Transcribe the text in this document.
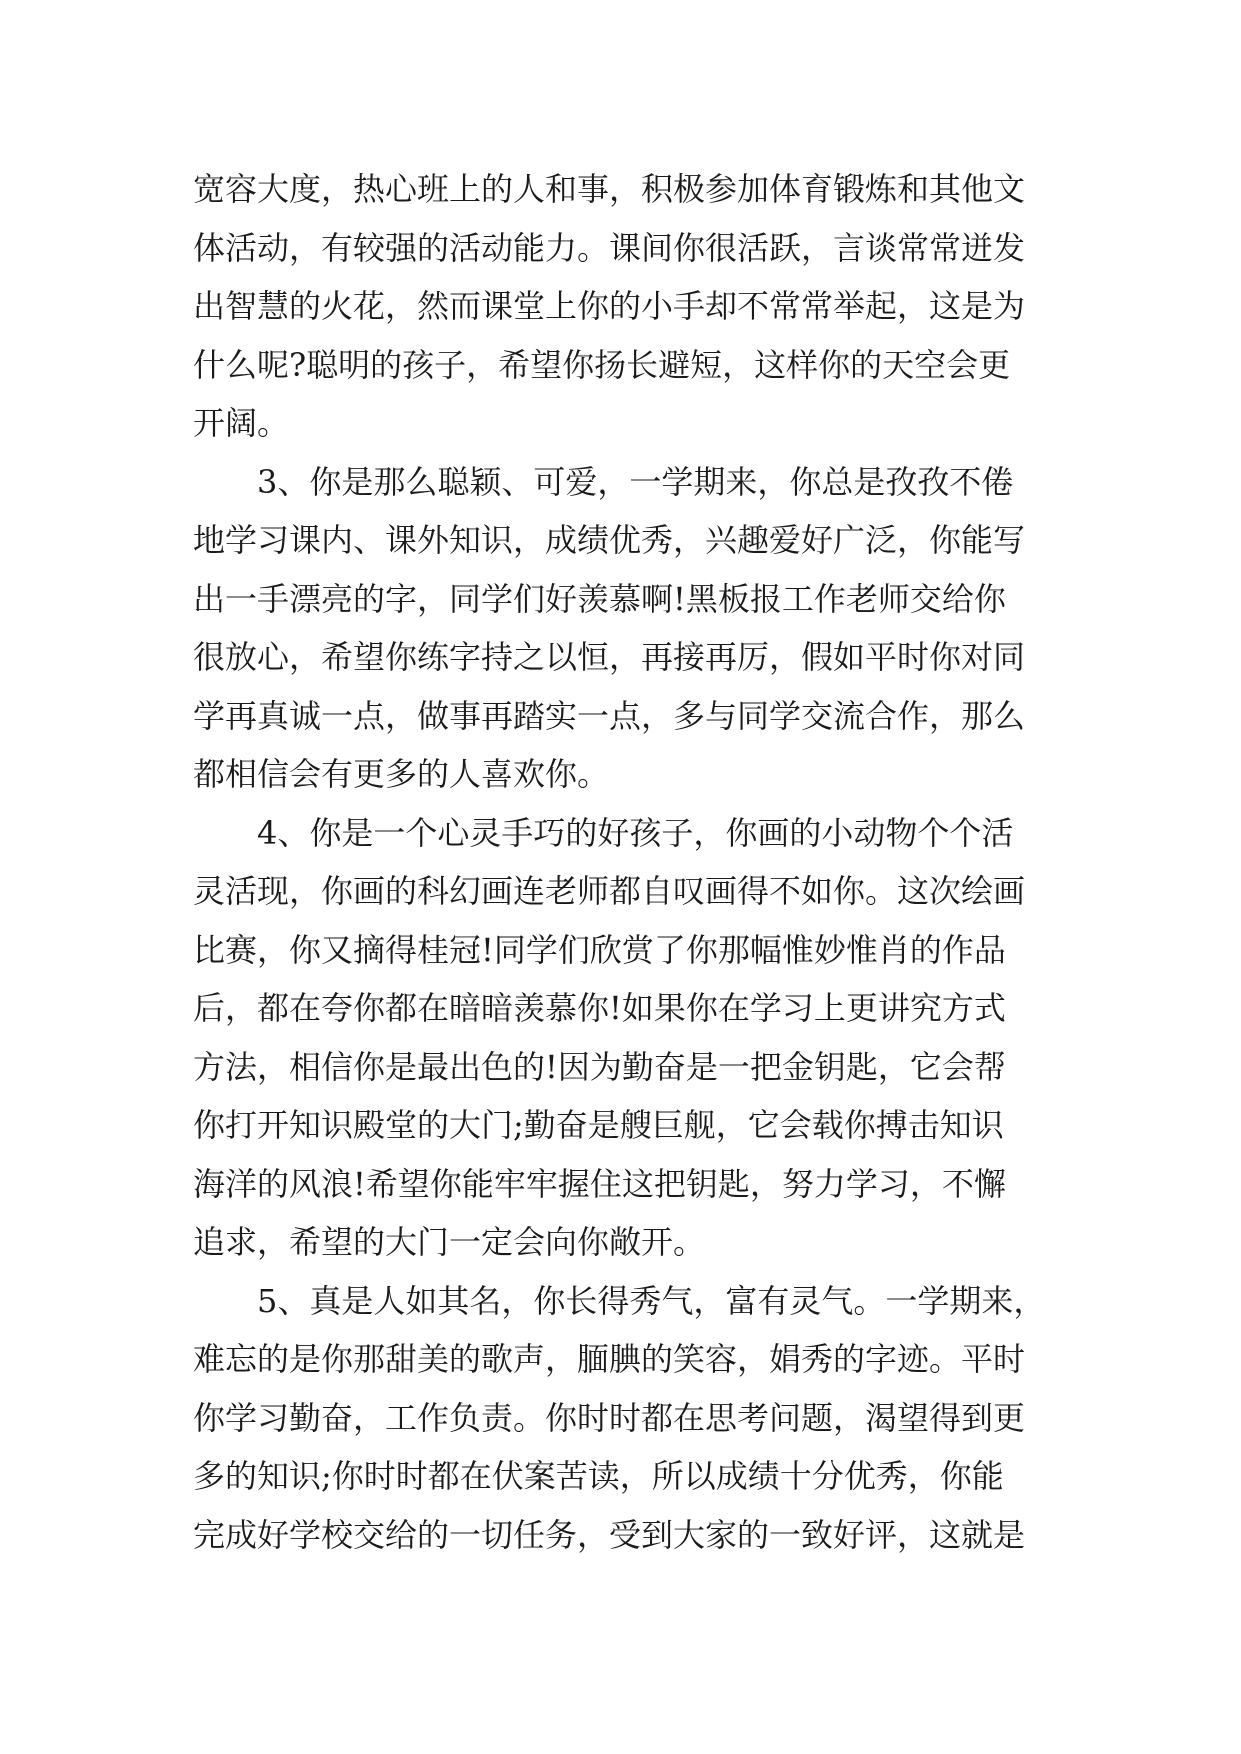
宽容大度，热心班上的人和事，积极参加体育锻炼和其他文
体活动，有较强的活动能力。课间你很活跃，言谈常常迸发
出智慧的火花，然而课堂上你的小手却不常常举起，这是为
什么呢?聪明的孩子，希望你扬长避短，这样你的天空会更
开阔。
3、你是那么聪颖、可爱，一学期来，你总是孜孜不倦
地学习课内、课外知识，成绩优秀，兴趣爱好广泛，你能写
出一手漂亮的字，同学们好羡慕啊!黑板报工作老师交给你
很放心，希望你练字持之以恒，再接再厉，假如平时你对同
学再真诚一点，做事再踏实一点，多与同学交流合作，那么
都相信会有更多的人喜欢你。
4、你是一个心灵手巧的好孩子，你画的小动物个个活
灵活现，你画的科幻画连老师都自叹画得不如你。这次绘画
比赛，你又摘得桂冠!同学们欣赏了你那幅惟妙惟肖的作品
后，都在夸你都在暗暗羡慕你!如果你在学习上更讲究方式
方法，相信你是最出色的!因为勤奋是一把金钥匙，它会帮
你打开知识殿堂的大门;勤奋是艘巨舰，它会载你搏击知识
海洋的风浪!希望你能牢牢握住这把钥匙，努力学习，不懈
追求，希望的大门一定会向你敞开。
5、真是人如其名，你长得秀气，富有灵气。一学期来，
难忘的是你那甜美的歌声，腼腆的笑容，娟秀的字迹。平时
你学习勤奋，工作负责。你时时都在思考问题，渴望得到更
多的知识;你时时都在伏案苦读，所以成绩十分优秀，你能
完成好学校交给的一切任务，受到大家的一致好评，这就是
